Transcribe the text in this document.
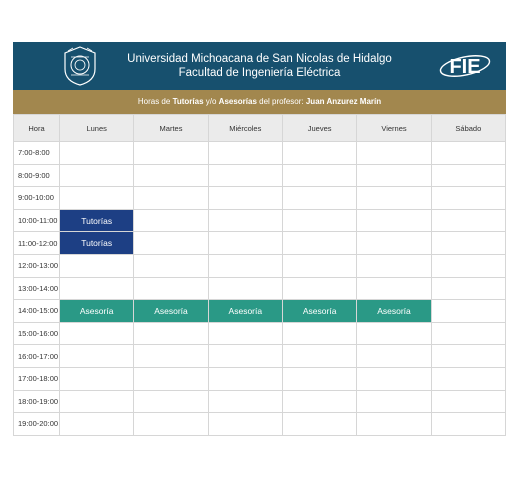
Universidad Michoacana de San Nicolas de Hidalgo
Facultad de Ingeniería Eléctrica	FIE
Horas de Tutorías y/o Asesorías del profesor: Juan Anzurez Marín
Hora	Lunes	Martes	Miércoles	Jueves	Viernes	Sábado
7:00-8:00						
8:00-9:00						
9:00-10:00						
10:00-11:00	Tutorías					
11:00-12:00	Tutorías					
12:00-13:00						
13:00-14:00						
14:00-15:00	Asesoría	Asesoría	Asesoría	Asesoría	Asesoría	
15:00-16:00						
16:00-17:00						
17:00-18:00						
18:00-19:00						
19:00-20:00						
